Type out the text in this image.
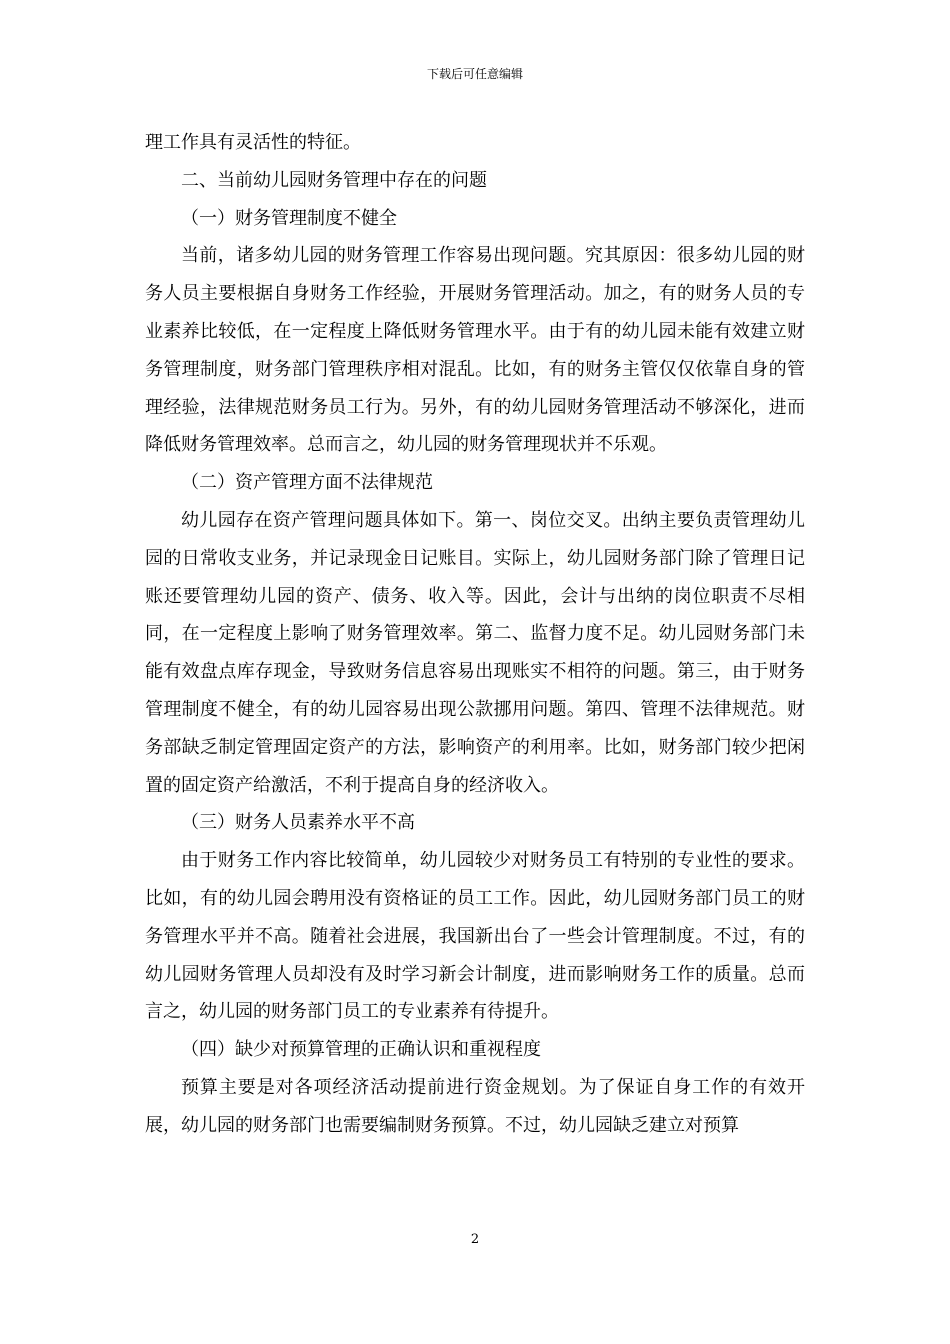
下载后可任意编辑

理工作具有灵活性的特征。

二、当前幼儿园财务管理中存在的问题

（一）财务管理制度不健全

当前，诸多幼儿园的财务管理工作容易出现问题。究其原因：很多幼儿园的财务人员主要根据自身财务工作经验，开展财务管理活动。加之，有的财务人员的专业素养比较低，在一定程度上降低财务管理水平。由于有的幼儿园未能有效建立财务管理制度，财务部门管理秩序相对混乱。比如，有的财务主管仅仅依靠自身的管理经验，法律规范财务员工行为。另外，有的幼儿园财务管理活动不够深化，进而降低财务管理效率。总而言之，幼儿园的财务管理现状并不乐观。

（二）资产管理方面不法律规范

幼儿园存在资产管理问题具体如下。第一、岗位交叉。出纳主要负责管理幼儿园的日常收支业务，并记录现金日记账目。实际上，幼儿园财务部门除了管理日记账还要管理幼儿园的资产、债务、收入等。因此，会计与出纳的岗位职责不尽相同，在一定程度上影响了财务管理效率。第二、监督力度不足。幼儿园财务部门未能有效盘点库存现金，导致财务信息容易出现账实不相符的问题。第三，由于财务管理制度不健全，有的幼儿园容易出现公款挪用问题。第四、管理不法律规范。财务部缺乏制定管理固定资产的方法，影响资产的利用率。比如，财务部门较少把闲置的固定资产给激活，不利于提高自身的经济收入。

（三）财务人员素养水平不高

由于财务工作内容比较简单，幼儿园较少对财务员工有特别的专业性的要求。比如，有的幼儿园会聘用没有资格证的员工工作。因此，幼儿园财务部门员工的财务管理水平并不高。随着社会进展，我国新出台了一些会计管理制度。不过，有的幼儿园财务管理人员却没有及时学习新会计制度，进而影响财务工作的质量。总而言之，幼儿园的财务部门员工的专业素养有待提升。

（四）缺少对预算管理的正确认识和重视程度

预算主要是对各项经济活动提前进行资金规划。为了保证自身工作的有效开展，幼儿园的财务部门也需要编制财务预算。不过，幼儿园缺乏建立对预算

2
